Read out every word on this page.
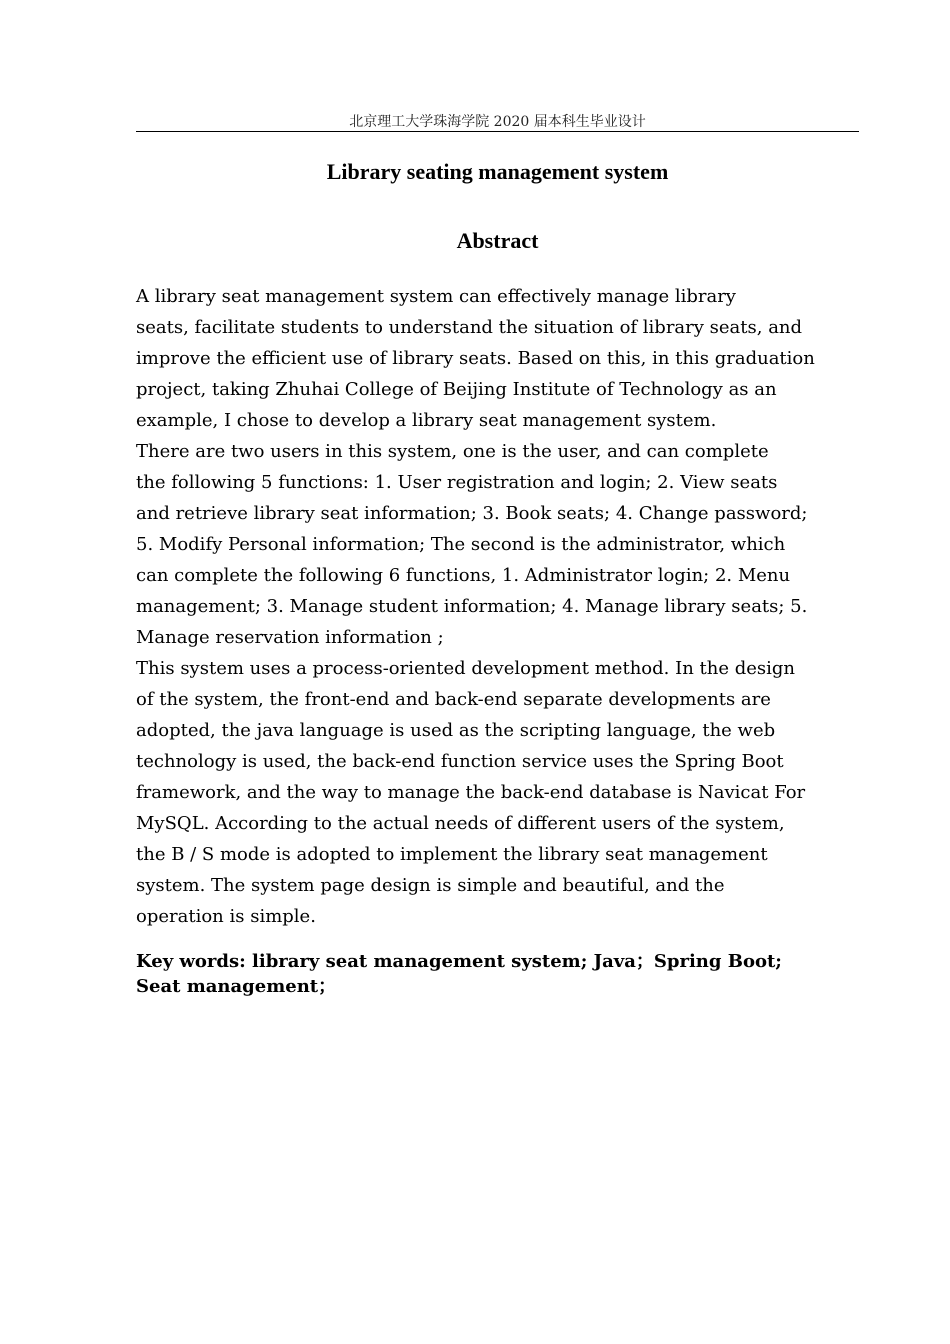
北京理工大学珠海学院 2020 届本科生毕业设计
Library seating management system
Abstract

A library seat management system can effectively manage library
seats, facilitate students to understand the situation of library seats, and
improve the efficient use of library seats. Based on this, in this graduation
project, taking Zhuhai College of Beijing Institute of Technology as an
example, I chose to develop a library seat management system.

There are two users in this system, one is the user, and can complete
the following 5 functions: 1. User registration and login; 2. View seats
and retrieve library seat information; 3. Book seats; 4. Change password;
5. Modify Personal information; The second is the administrator, which
can complete the following 6 functions, 1. Administrator login; 2. Menu
management; 3. Manage student information; 4. Manage library seats; 5.
Manage reservation information ;

This system uses a process-oriented development method. In the design
of the system, the front-end and back-end separate developments are
adopted, the java language is used as the scripting language, the web
technology is used, the back-end function service uses the Spring Boot
framework, and the way to manage the back-end database is Navicat For
MySQL. According to the actual needs of different users of the system,
the B / S mode is adopted to implement the library seat management
system. The system page design is simple and beautiful, and the
operation is simple.

Key words: library seat management system; Java；Spring Boot;
Seat management；
